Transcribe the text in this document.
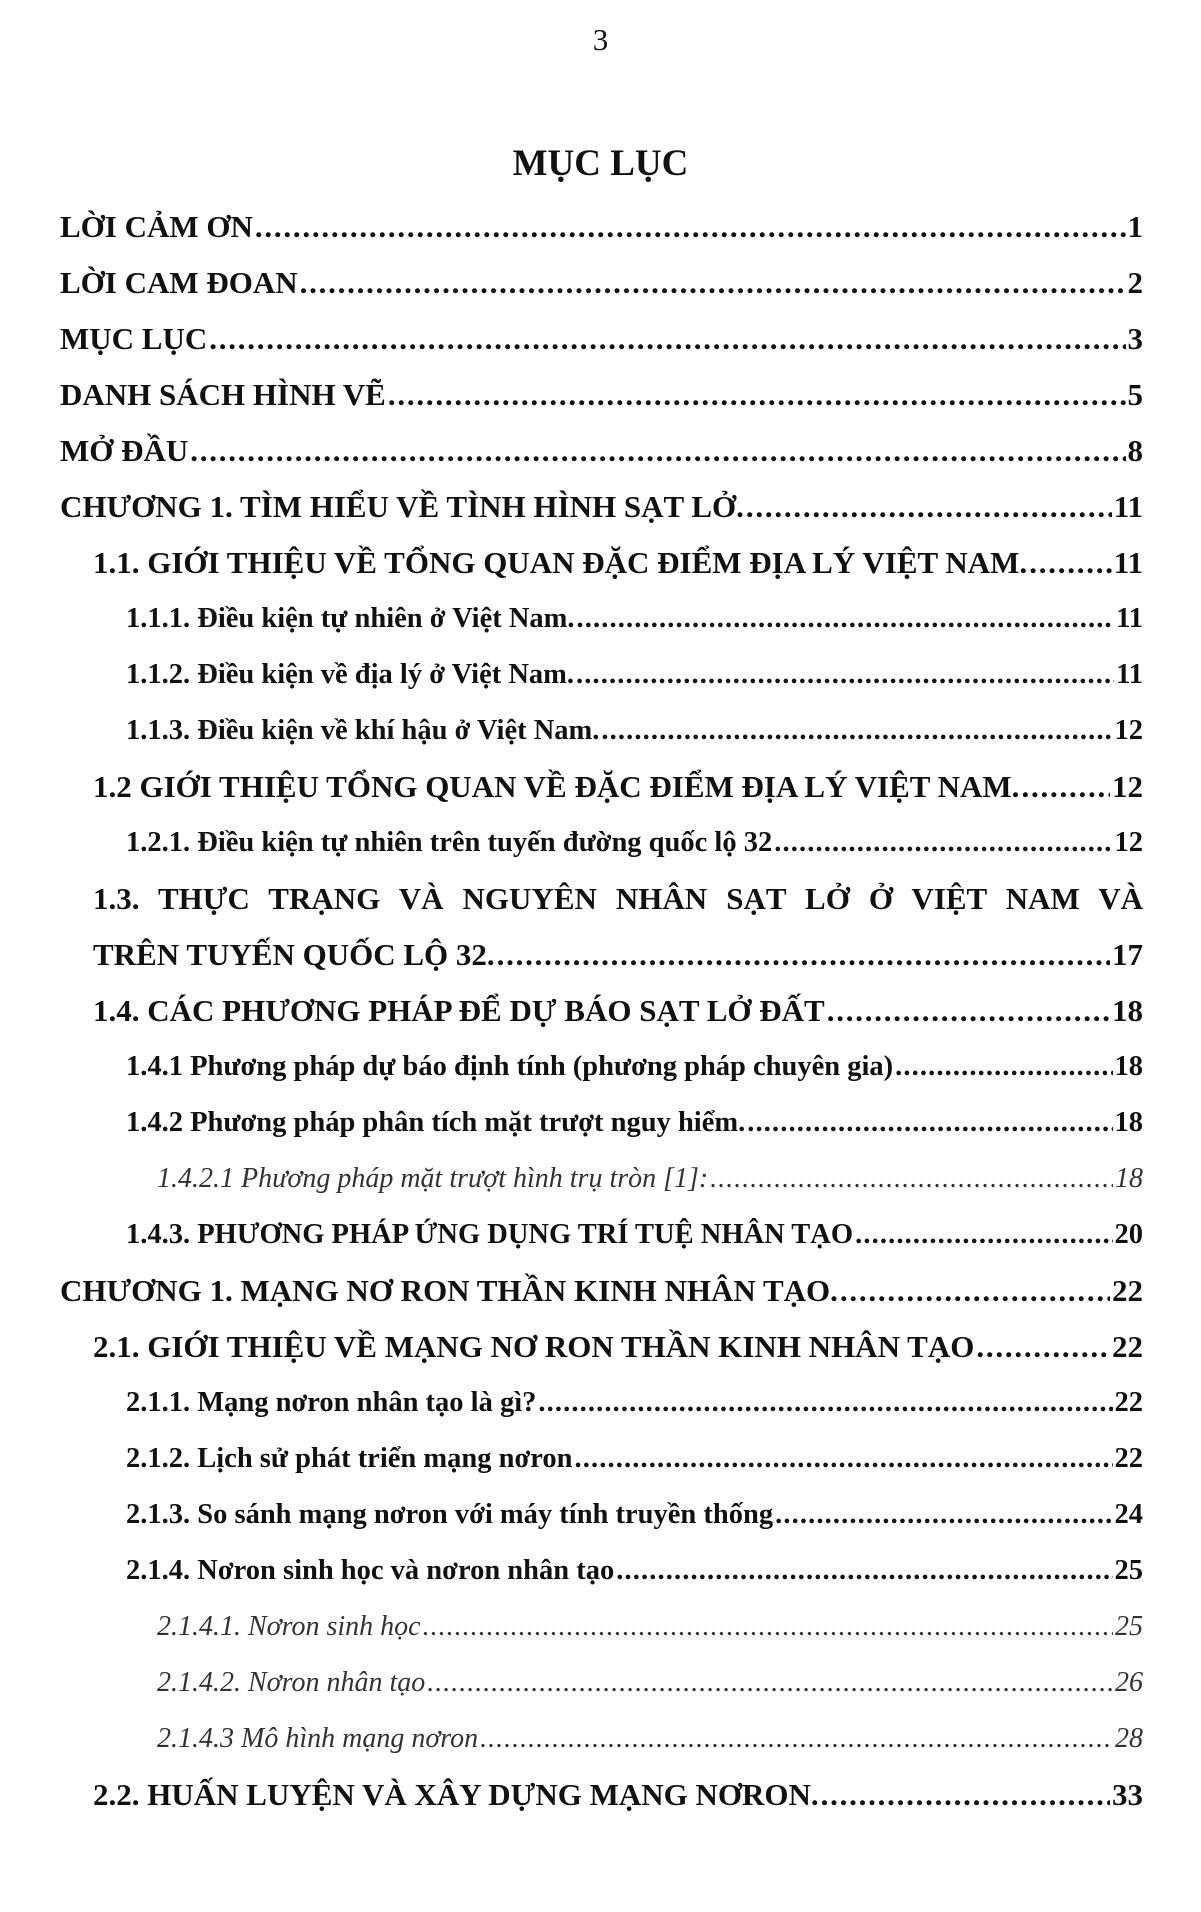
3
MỤC LỤC
LỜI CẢM ƠN . . .	1
LỜI CAM ĐOAN . . .	2
MỤC LỤC . . .	3
DANH SÁCH HÌNH VẼ . . .	5
MỞ ĐẦU . . .	8
CHƯƠNG 1. TÌM HIỂU VỀ TÌNH HÌNH SẠT LỞ. . . .	11
1.1. GIỚI THIỆU VỀ TỔNG QUAN ĐẶC ĐIỂM ĐỊA LÝ VIỆT NAM. . . .	11
1.1.1. Điều kiện tự nhiên ở Việt Nam. . . .	11
1.1.2. Điều kiện về địa lý ở Việt Nam. . . .	11
1.1.3. Điều kiện về khí hậu ở Việt Nam. . . .	12
1.2 GIỚI THIỆU TỔNG QUAN VỀ ĐẶC ĐIỂM ĐỊA LÝ VIỆT NAM. . . .	12
1.2.1. Điều kiện tự nhiên trên tuyến đường quốc lộ 32 . . .	12
1.3. THỰC TRẠNG VÀ NGUYÊN NHÂN SẠT LỞ Ở VIỆT NAM VÀ
TRÊN TUYẾN QUỐC LỘ 32. . . .	17
1.4. CÁC PHƯƠNG PHÁP ĐỂ DỰ BÁO SẠT LỞ ĐẤT . . .	18
1.4.1 Phương pháp dự báo định tính (phương pháp chuyên gia) . . .	18
1.4.2 Phương pháp phân tích mặt trượt nguy hiểm. . . .	18
1.4.2.1 Phương pháp mặt trượt hình trụ tròn [1]: . . .	18
1.4.3. PHƯƠNG PHÁP ỨNG DỤNG TRÍ TUỆ NHÂN TẠO . . .	20
CHƯƠNG 1. MẠNG NƠ RON THẦN KINH NHÂN TẠO. . . .	22
2.1. GIỚI THIỆU VỀ MẠNG NƠ RON THẦN KINH NHÂN TẠO . . .	22
2.1.1. Mạng nơron nhân tạo là gì? . . .	22
2.1.2. Lịch sử phát triển mạng nơron . . .	22
2.1.3. So sánh mạng nơron với máy tính truyền thống . . .	24
2.1.4. Nơron sinh học và nơron nhân tạo . . .	25
2.1.4.1. Nơron sinh học . . .	25
2.1.4.2. Nơron nhân tạo . . .	26
2.1.4.3 Mô hình mạng nơron . . .	28
2.2. HUẤN LUYỆN VÀ XÂY DỰNG MẠNG NƠRON. . . .	33
